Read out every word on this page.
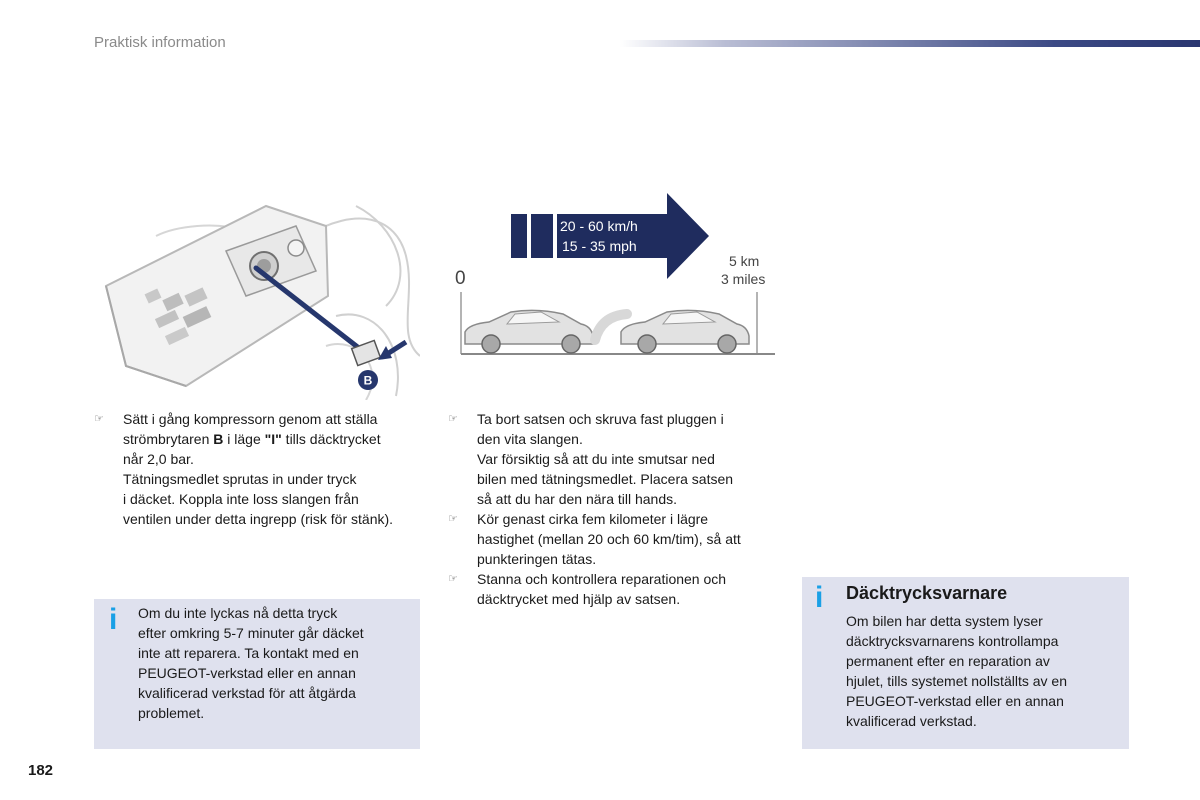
Praktisk information
B
20 - 60 km/h
15 - 35 mph
0
5 km
3 miles
☞ Sätt i gång kompressorn genom att ställa
strömbrytaren B i läge "I" tills däcktrycket
når 2,0 bar.
Tätningsmedlet sprutas in under tryck
i däcket. Koppla inte loss slangen från
ventilen under detta ingrepp (risk för stänk).
☞ Ta bort satsen och skruva fast pluggen i
den vita slangen.
Var försiktig så att du inte smutsar ned
bilen med tätningsmedlet. Placera satsen
så att du har den nära till hands.
☞ Kör genast cirka fem kilometer i lägre
hastighet (mellan 20 och 60 km/tim), så att
punkteringen tätas.
☞ Stanna och kontrollera reparationen och
däcktrycket med hjälp av satsen.
i Om du inte lyckas nå detta tryck
efter omkring 5-7 minuter går däcket
inte att reparera. Ta kontakt med en
PEUGEOT-verkstad eller en annan
kvalificerad verkstad för att åtgärda
problemet.
i Däcktrycksvarnare
Om bilen har detta system lyser
däcktrycksvarnarens kontrollampa
permanent efter en reparation av
hjulet, tills systemet nollställts av en
PEUGEOT-verkstad eller en annan
kvalificerad verkstad.
182
